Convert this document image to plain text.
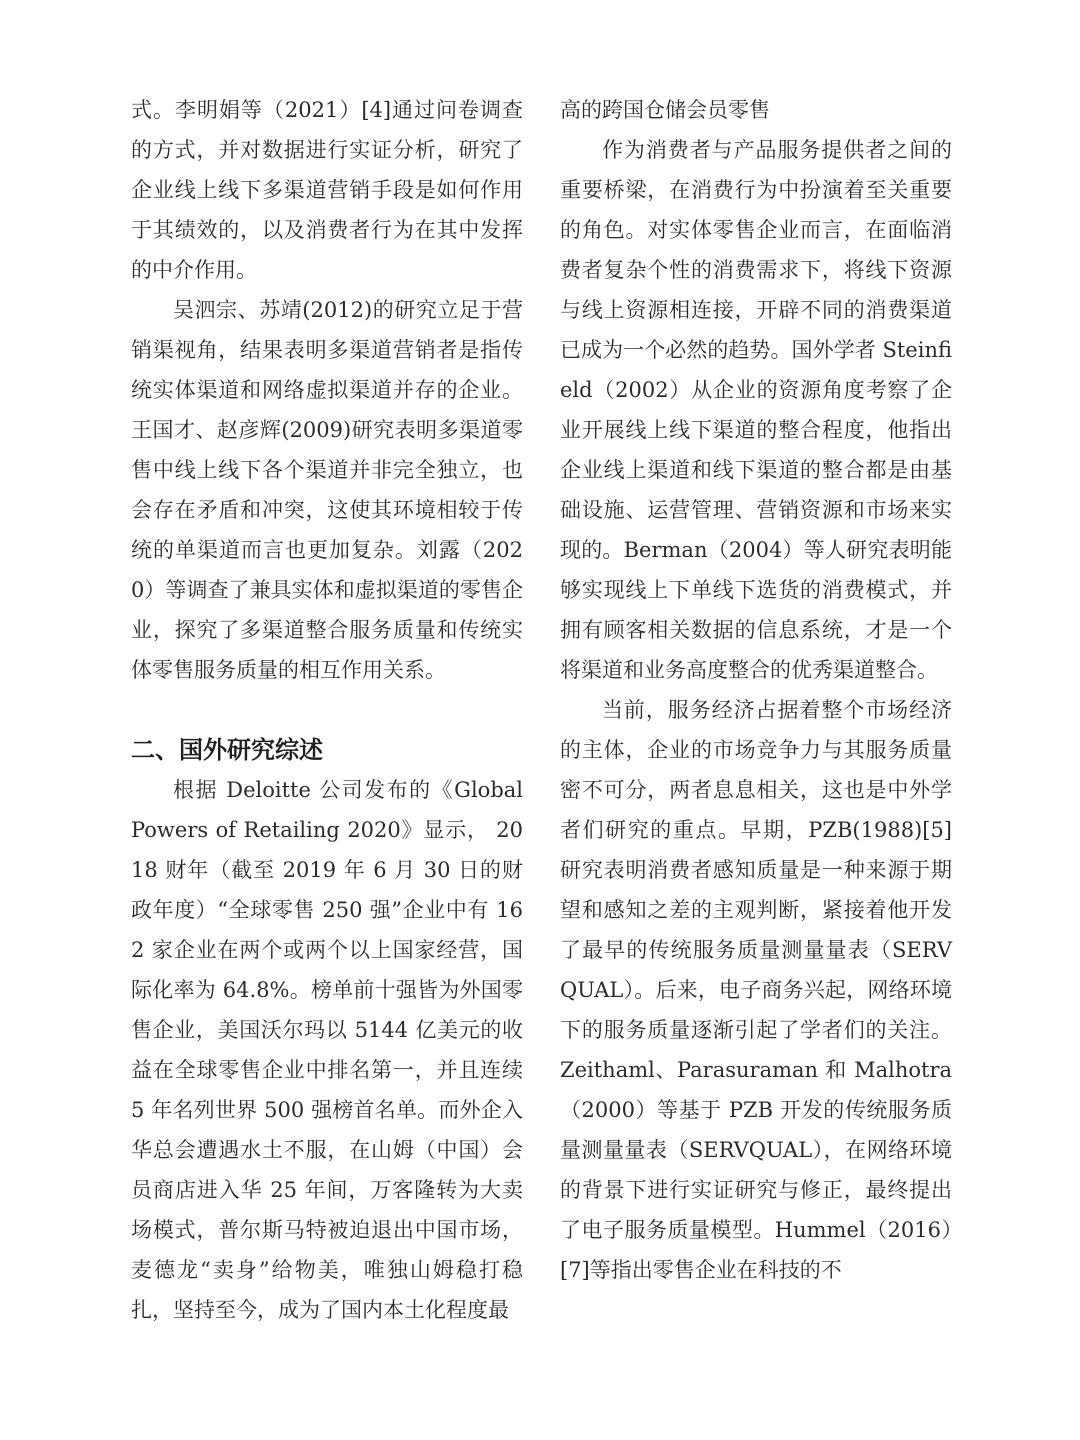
式。李明娟等（2021）[4]通过问卷调查的方式，并对数据进行实证分析，研究了企业线上线下多渠道营销手段是如何作用于其绩效的，以及消费者行为在其中发挥的中介作用。

吴泗宗、苏靖(2012)的研究立足于营销渠视角，结果表明多渠道营销者是指传统实体渠道和网络虚拟渠道并存的企业。王国才、赵彦辉(2009)研究表明多渠道零售中线上线下各个渠道并非完全独立，也会存在矛盾和冲突，这使其环境相较于传统的单渠道而言也更加复杂。刘露（2020）等调查了兼具实体和虚拟渠道的零售企业，探究了多渠道整合服务质量和传统实体零售服务质量的相互作用关系。

二、国外研究综述

根据 Deloitte 公司发布的《Global Powers of Retailing 2020》显示， 2018 财年（截至 2019 年 6 月 30 日的财政年度）“全球零售 250 强”企业中有 162 家企业在两个或两个以上国家经营，国际化率为 64.8%。榜单前十强皆为外国零售企业，美国沃尔玛以 5144 亿美元的收益在全球零售企业中排名第一，并且连续 5 年名列世界 500 强榜首名单。而外企入华总会遭遇水土不服，在山姆（中国）会员商店进入华 25 年间，万客隆转为大卖场模式，普尔斯马特被迫退出中国市场，麦德龙“卖身”给物美，唯独山姆稳打稳扎，坚持至今，成为了国内本土化程度最

高的跨国仓储会员零售

作为消费者与产品服务提供者之间的重要桥梁，在消费行为中扮演着至关重要的角色。对实体零售企业而言，在面临消费者复杂个性的消费需求下，将线下资源与线上资源相连接，开辟不同的消费渠道已成为一个必然的趋势。国外学者 Steinfield（2002）从企业的资源角度考察了企业开展线上线下渠道的整合程度，他指出企业线上渠道和线下渠道的整合都是由基础设施、运营管理、营销资源和市场来实现的。Berman（2004）等人研究表明能够实现线上下单线下选货的消费模式，并拥有顾客相关数据的信息系统，才是一个将渠道和业务高度整合的优秀渠道整合。

当前，服务经济占据着整个市场经济的主体，企业的市场竞争力与其服务质量密不可分，两者息息相关，这也是中外学者们研究的重点。早期，PZB(1988)[5]研究表明消费者感知质量是一种来源于期望和感知之差的主观判断，紧接着他开发了最早的传统服务质量测量量表（SERVQUAL）。后来，电子商务兴起，网络环境下的服务质量逐渐引起了学者们的关注。Zeithaml、Parasuraman 和 Malhotra（2000）等基于 PZB 开发的传统服务质量测量量表（SERVQUAL），在网络环境的背景下进行实证研究与修正，最终提出了电子服务质量模型。Hummel（2016）[7]等指出零售企业在科技的不
